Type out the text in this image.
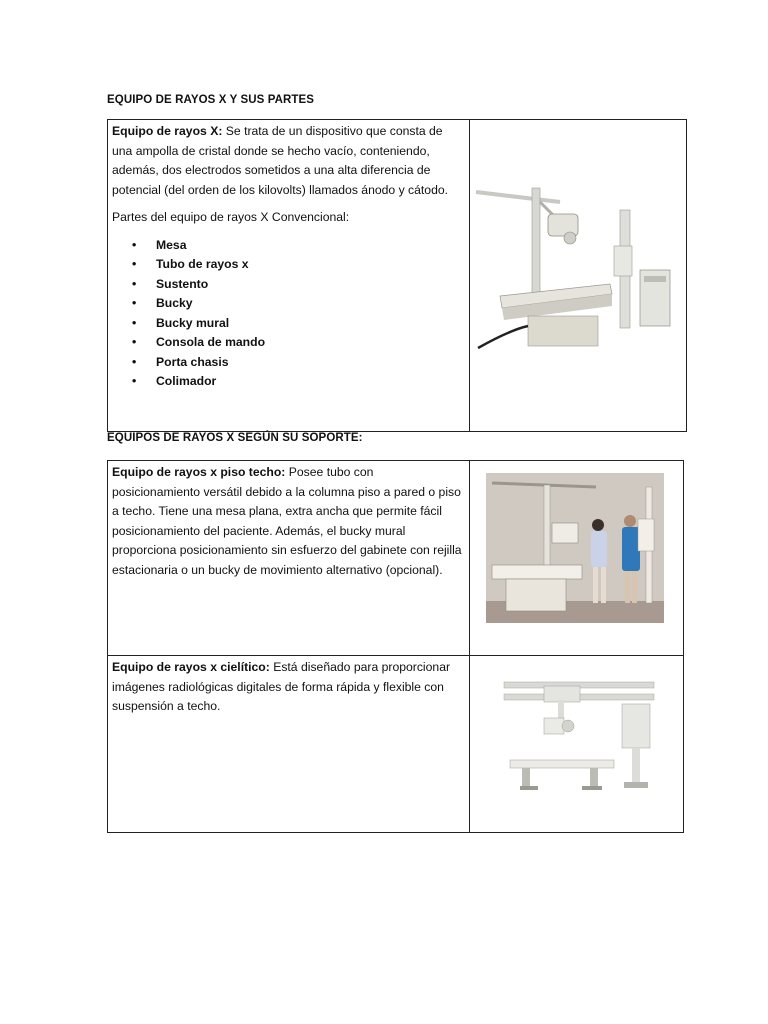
EQUIPO DE RAYOS X Y SUS PARTES

Equipo de rayos X: Se trata de un dispositivo que consta de una ampolla de cristal donde se hecho vacío, conteniendo, además, dos electrodos sometidos a una alta diferencia de potencial (del orden de los kilovolts) llamados ánodo y cátodo.

Partes del equipo de rayos X Convencional:

• Mesa
• Tubo de rayos x
• Sustento
• Bucky
• Bucky mural
• Consola de mando
• Porta chasis
• Colimador

EQUIPOS DE RAYOS X SEGÚN SU SOPORTE:
Equipo de rayos x piso techo: Posee tubo con posicionamiento versátil debido a la columna piso a pared o piso a techo. Tiene una mesa plana, extra ancha que permite fácil posicionamiento del paciente. Además, el bucky mural proporciona posicionamiento sin esfuerzo del gabinete con rejilla estacionaria o un bucky de movimiento alternativo (opcional).

Equipo de rayos x cielítico: Está diseñado para proporcionar imágenes radiológicas digitales de forma rápida y flexible con suspensión a techo.
